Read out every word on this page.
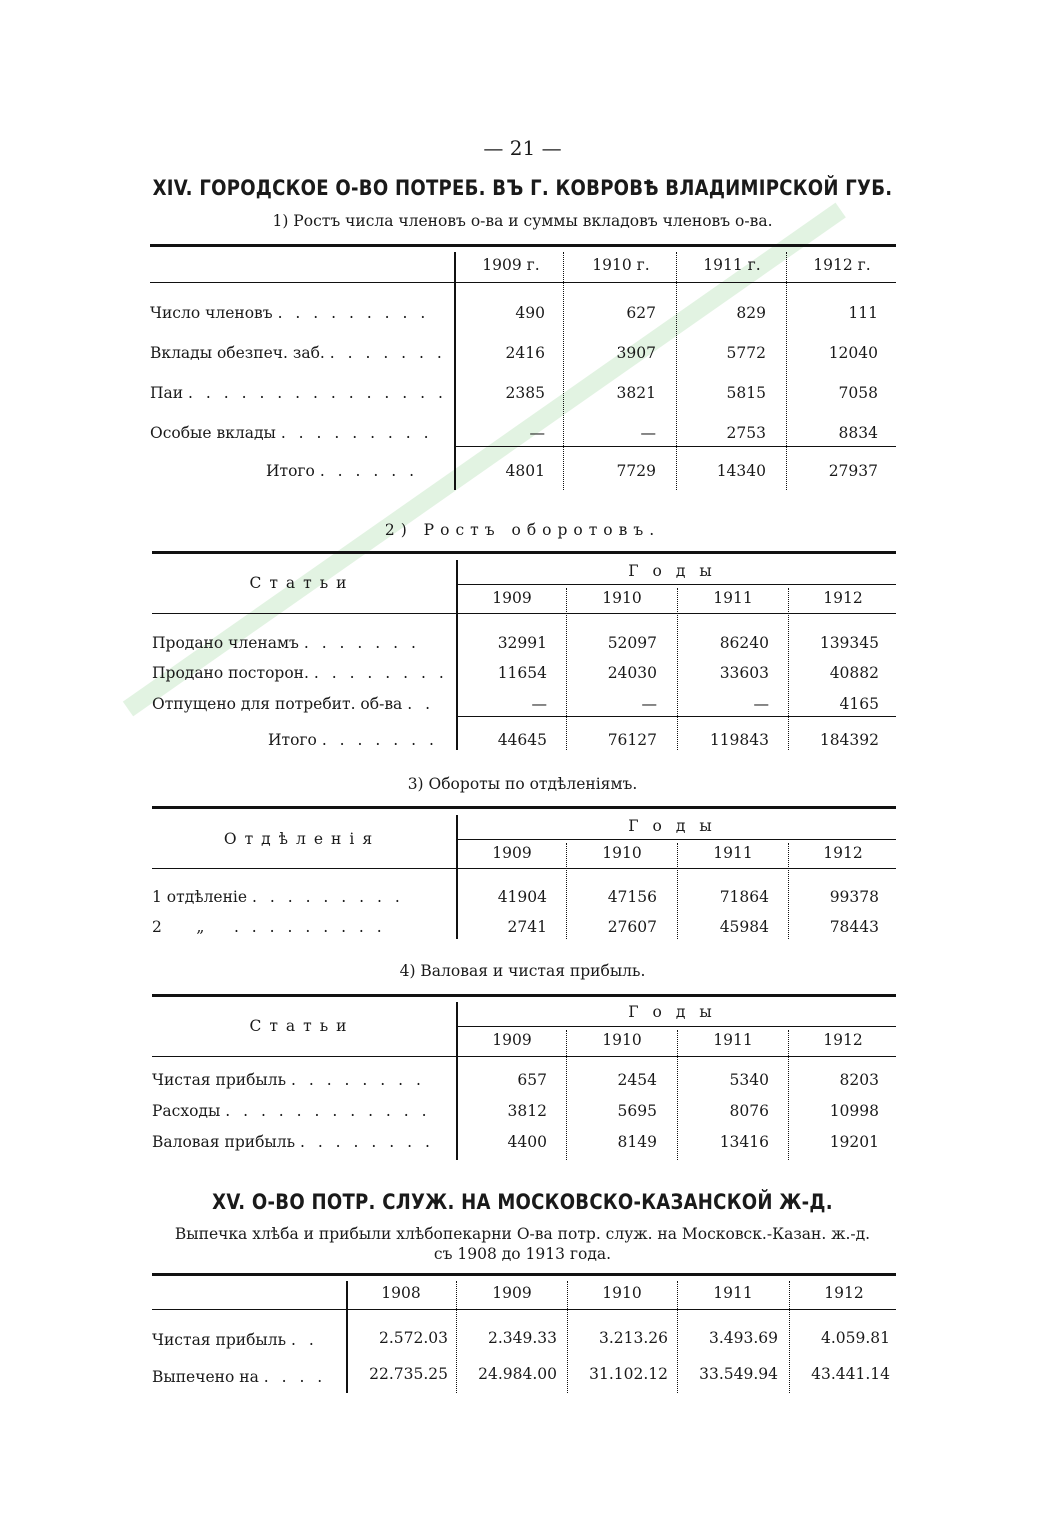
— 21 —
XIV. ГОРОДСКОЕ О-ВО ПОТРЕБ. ВЪ Г. КОВРОВѢ ВЛАДИМІРСКОЙ ГУБ.
1) Ростъ числа членовъ о-ва и суммы вкладовъ членовъ о-ва.
1909 г.	1910 г.	1911 г.	1912 г.
Число членовъ . . . . . . . . .	490	627	829	111
Вклады обезпеч. заб. . . . . . . .	2416	3907	5772	12040
Паи . . . . . . . . . . . . . . .	2385	3821	5815	7058
Особые вклады . . . . . . . . .	—	—	2753	8834
Итого . . . . . .	4801	7729	14340	27937
2) Ростъ оборотовъ.
Статьи
Годы
1909	1910	1911	1912
Продано членамъ . . . . . . .	32991	52097	86240	139345
Продано посторон. . . . . . . . .	11654	24030	33603	40882
Отпущено для потребит. об-ва . .	—	—	—	4165
Итого . . . . . . .	44645	76127	119843	184392
3) Обороты по отдѣленіямъ.
Отдѣленія
Годы
1909	1910	1911	1912
1 отдѣленіе . . . . . . . . .	41904	47156	71864	99378
2       „ . . . . . . . . .	2741	27607	45984	78443
4) Валовая и чистая прибыль.
Статьи
Годы
1909	1910	1911	1912
Чистая прибыль . . . . . . . .	657	2454	5340	8203
Расходы . . . . . . . . . . . .	3812	5695	8076	10998
Валовая прибыль . . . . . . . .	4400	8149	13416	19201
XV. О-ВО ПОТР. СЛУЖ. НА МОСКОВСКО-КАЗАНСКОЙ Ж-Д.
Выпечка хлѣба и прибыли хлѣбопекарни О-ва потр. служ. на Московск.-Казан. ж.-д.
съ 1908 до 1913 года.
1908	1909	1910	1911	1912
Чистая прибыль . .	2.572.03	2.349.33	3.213.26	3.493.69	4.059.81
Выпечено на . . . .	22.735.25	24.984.00	31.102.12	33.549.94	43.441.14
